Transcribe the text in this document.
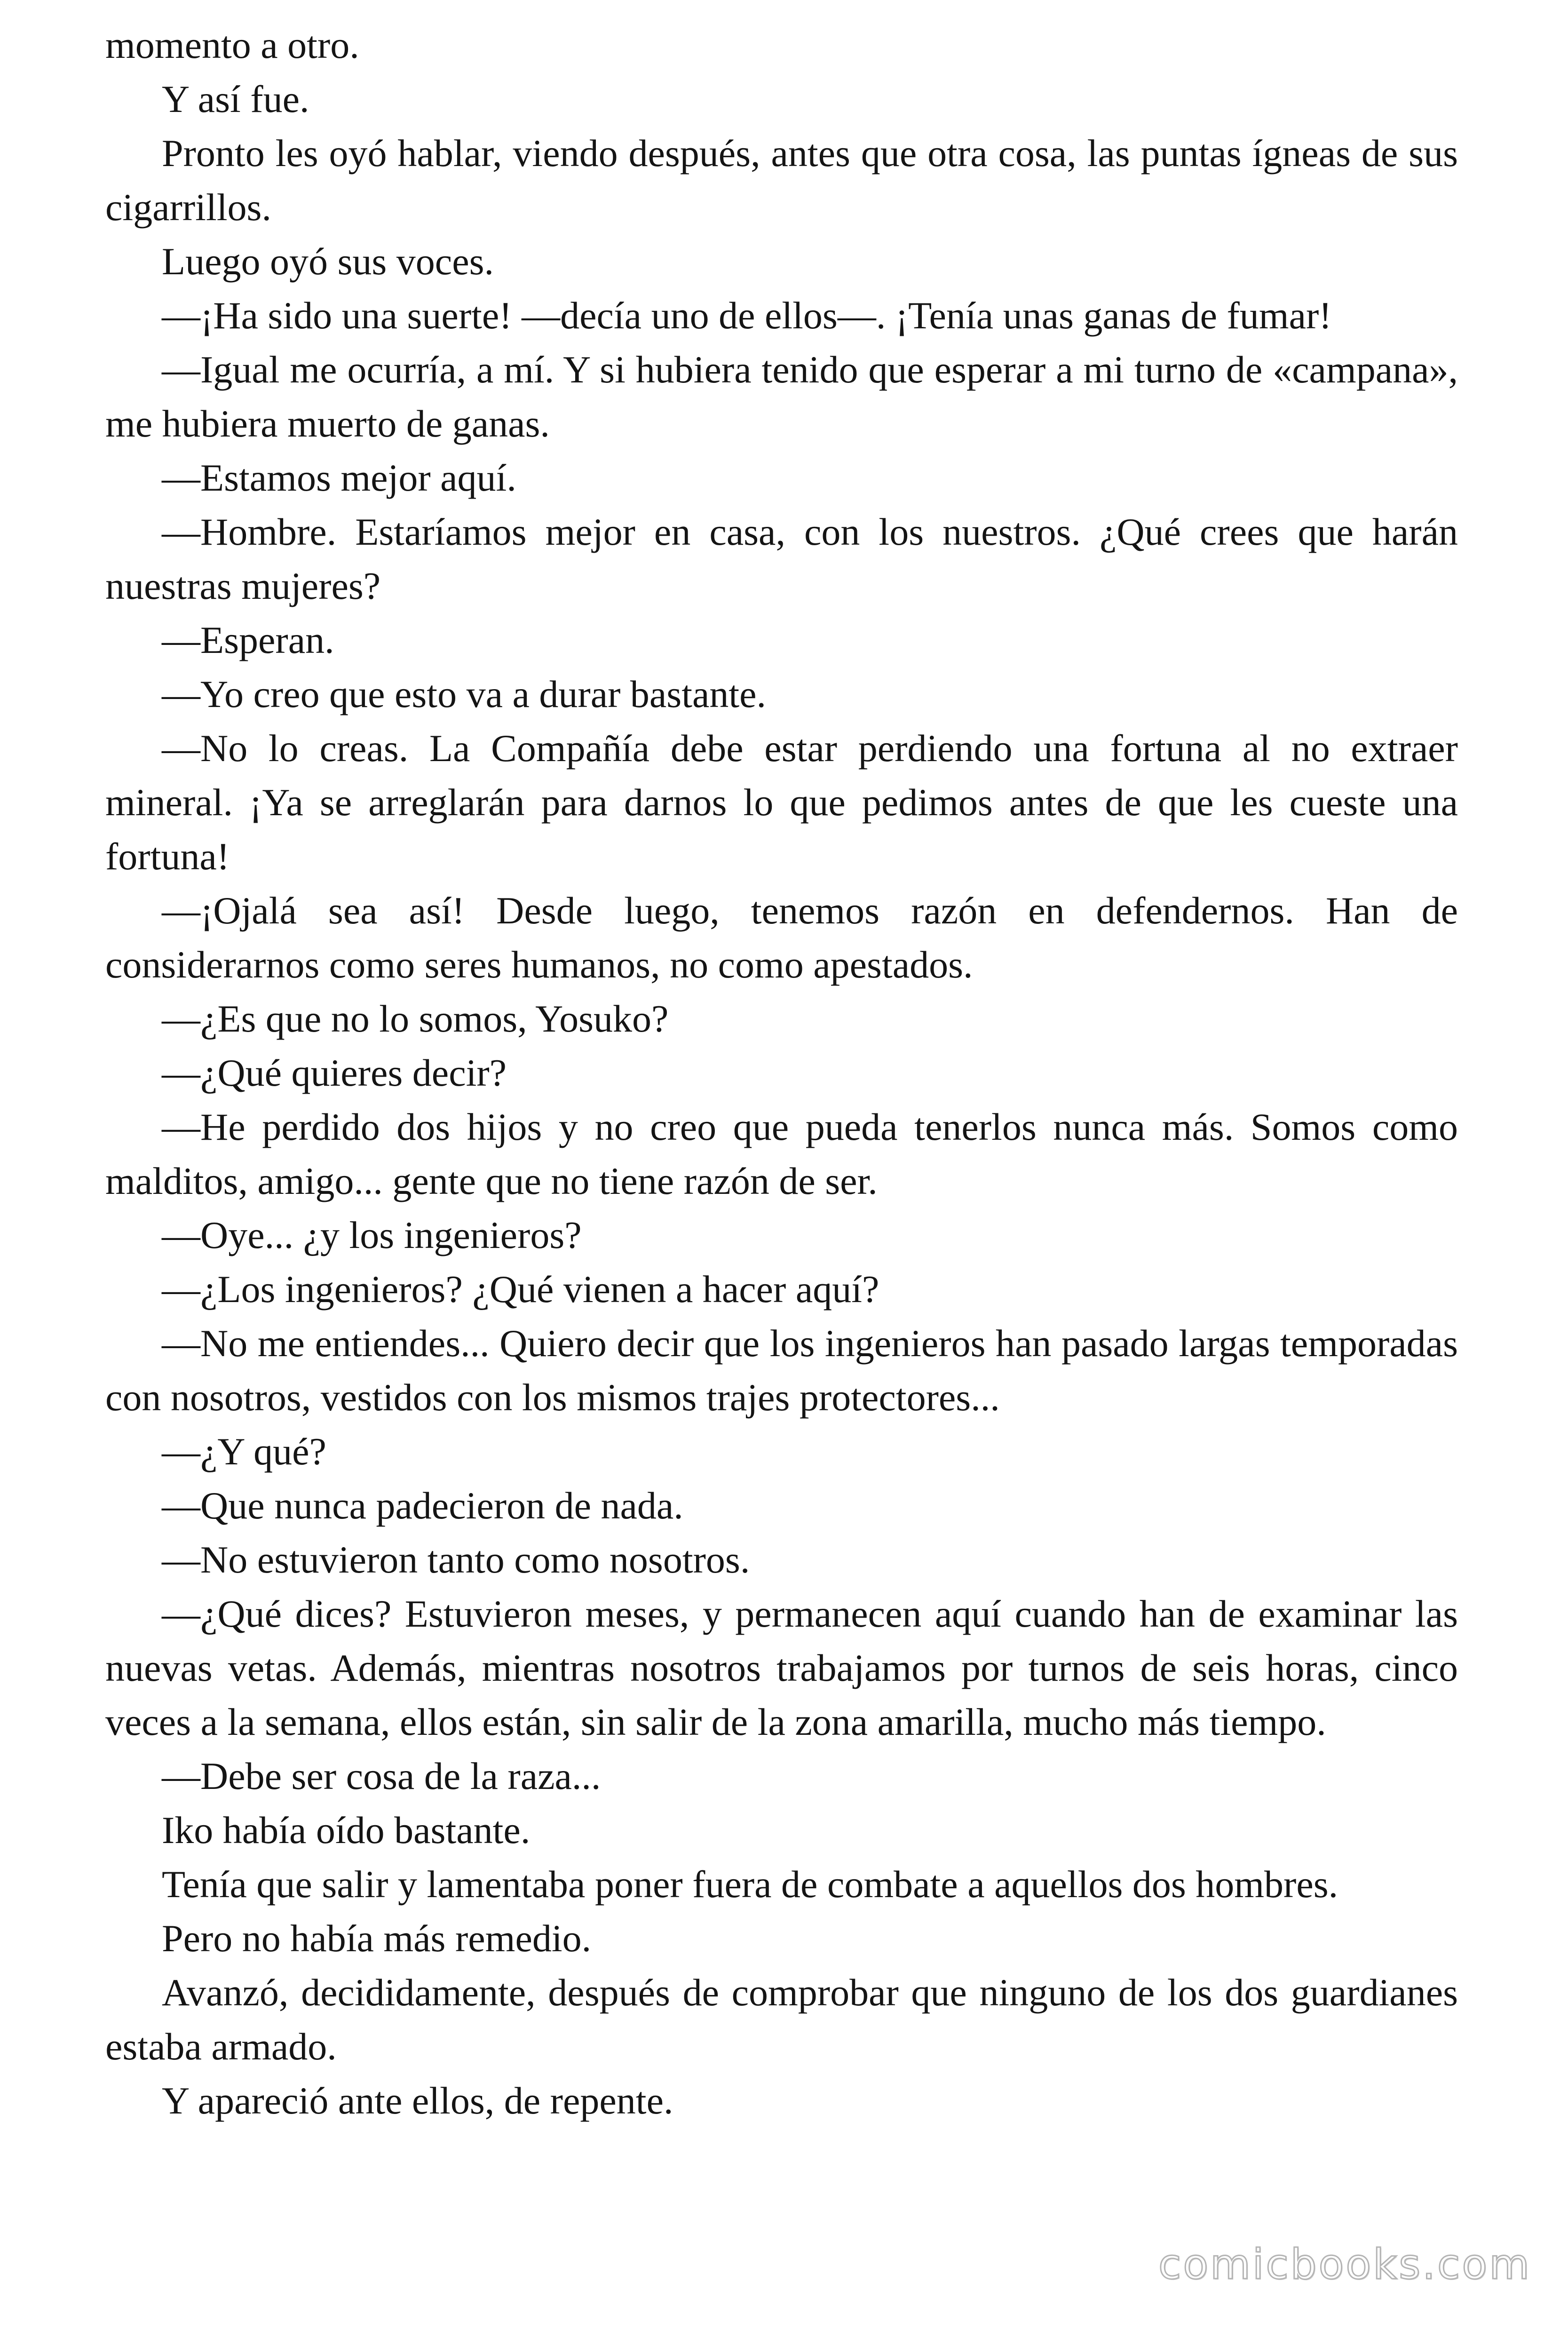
momento a otro.

Y así fue.

Pronto les oyó hablar, viendo después, antes que otra cosa, las puntas ígneas de sus cigarrillos.

Luego oyó sus voces.

—¡Ha sido una suerte! —decía uno de ellos—. ¡Tenía unas ganas de fumar!

—Igual me ocurría, a mí. Y si hubiera tenido que esperar a mi turno de «campana», me hubiera muerto de ganas.

—Estamos mejor aquí.

—Hombre. Estaríamos mejor en casa, con los nuestros. ¿Qué crees que harán nuestras mujeres?

—Esperan.

—Yo creo que esto va a durar bastante.

—No lo creas. La Compañía debe estar perdiendo una fortuna al no extraer mineral. ¡Ya se arreglarán para darnos lo que pedimos antes de que les cueste una fortuna!

—¡Ojalá sea así! Desde luego, tenemos razón en defendernos. Han de considerarnos como seres humanos, no como apestados.

—¿Es que no lo somos, Yosuko?

—¿Qué quieres decir?

—He perdido dos hijos y no creo que pueda tenerlos nunca más. Somos como malditos, amigo... gente que no tiene razón de ser.

—Oye... ¿y los ingenieros?

—¿Los ingenieros? ¿Qué vienen a hacer aquí?

—No me entiendes... Quiero decir que los ingenieros han pasado largas temporadas con nosotros, vestidos con los mismos trajes protectores...

—¿Y qué?

—Que nunca padecieron de nada.

—No estuvieron tanto como nosotros.

—¿Qué dices? Estuvieron meses, y permanecen aquí cuando han de examinar las nuevas vetas. Además, mientras nosotros trabajamos por turnos de seis horas, cinco veces a la semana, ellos están, sin salir de la zona amarilla, mucho más tiempo.

—Debe ser cosa de la raza...

Iko había oído bastante.

Tenía que salir y lamentaba poner fuera de combate a aquellos dos hombres.

Pero no había más remedio.

Avanzó, decididamente, después de comprobar que ninguno de los dos guardianes estaba armado.

Y apareció ante ellos, de repente.

comicbooks.com
